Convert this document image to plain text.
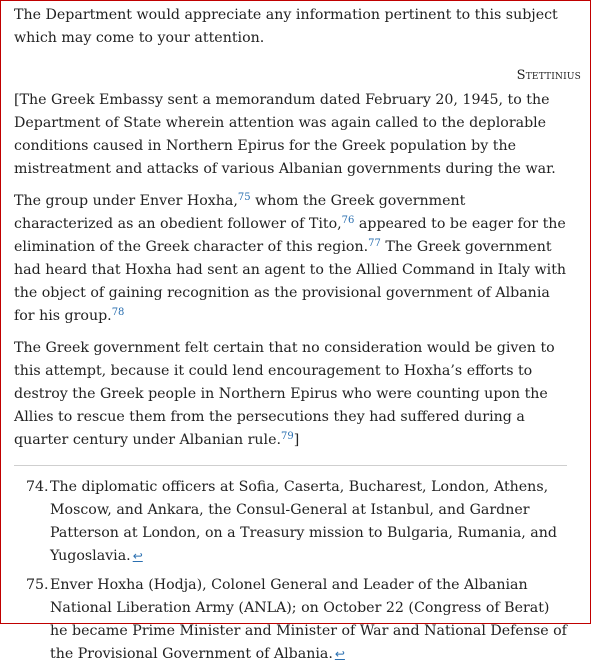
The Department would appreciate any information pertinent to this subject which may come to your attention.

Stettinius

[The Greek Embassy sent a memorandum dated February 20, 1945, to the Department of State wherein attention was again called to the deplorable conditions caused in Northern Epirus for the Greek population by the mistreatment and attacks of various Albanian governments during the war.

The group under Enver Hoxha,$^{75}$ whom the Greek government characterized as an obedient follower of Tito,$^{76}$ appeared to be eager for the elimination of the Greek character of this region.$^{77}$ The Greek government had heard that Hoxha had sent an agent to the Allied Command in Italy with the object of gaining recognition as the provisional government of Albania for his group.$^{78}$

The Greek government felt certain that no consideration would be given to this attempt, because it could lend encouragement to Hoxha’s efforts to destroy the Greek people in Northern Epirus who were counting upon the Allies to rescue them from the persecutions they had suffered during a quarter century under Albanian rule.$^{79}$]

74. The diplomatic officers at Sofia, Caserta, Bucharest, London, Athens, Moscow, and Ankara, the Consul-General at Istanbul, and Gardner Patterson at London, on a Treasury mission to Bulgaria, Rumania, and Yugoslavia. ↩
75. Enver Hoxha (Hodja), Colonel General and Leader of the Albanian National Liberation Army (ANLA); on October 22 (Congress of Berat) he became Prime Minister and Minister of War and National Defense of the Provisional Government of Albania. ↩
